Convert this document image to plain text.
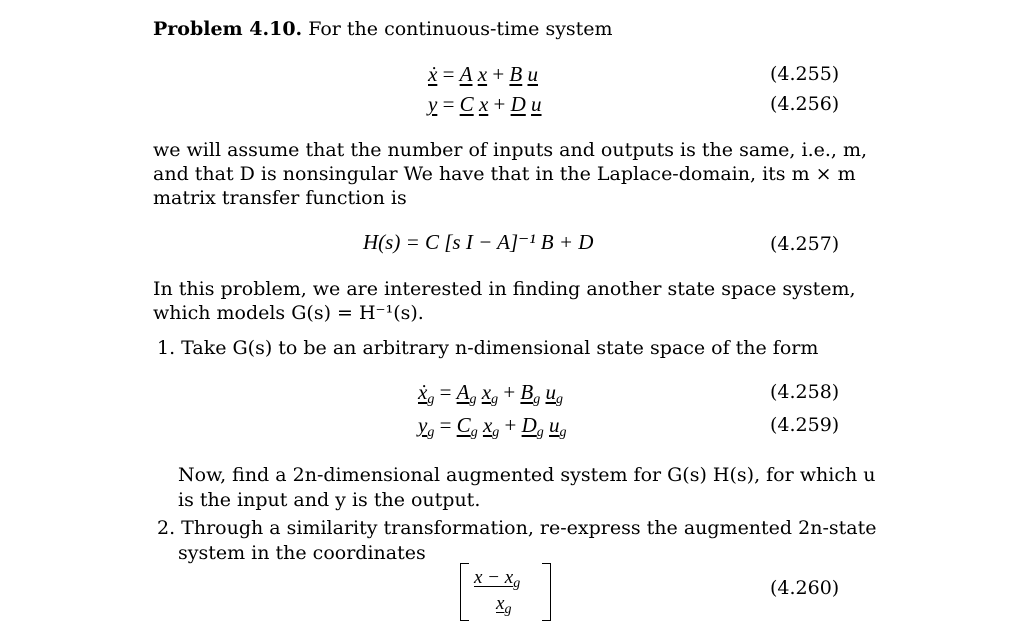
Problem 4.10. For the continuous-time system
ẋ = A x + B u	(4.255)
y = C x + D u	(4.256)
we will assume that the number of inputs and outputs is the same, i.e., m,
and that D is nonsingular We have that in the Laplace-domain, its m × m
matrix transfer function is
H(s) = C [s I − A]⁻¹ B + D	(4.257)
In this problem, we are interested in finding another state space system,
which models G(s) = H⁻¹(s).
1. Take G(s) to be an arbitrary n-dimensional state space of the form
ẋ$_g$ = $A_g$ $x_g + B_g$ $u_g$	(4.258)
$y_g = C_g$ $x_g + D_g$ $u_g$	(4.259)
Now, find a 2n-dimensional augmented system for G(s) H(s), for which u
is the input and y is the output.
2. Through a similarity transformation, re-express the augmented 2n-state
system in the coordinates
$x - x_g$
$x_g$
(4.260)
